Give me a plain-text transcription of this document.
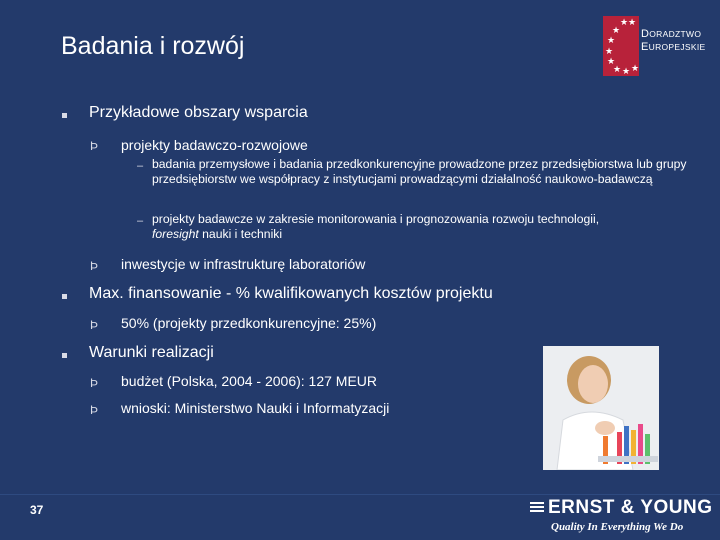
Badania i rozwój
★ ★
★
★
★
★
★ ★ ★
DORADZTWO
EUROPEJSKIE
Przykładowe obszary wsparcia
Þ projekty badawczo-rozwojowe
– badania przemysłowe i badania przedkonkurencyjne prowadzone przez przedsiębiorstwa lub grupy przedsiębiorstw we współpracy z instytucjami prowadzącymi działalność naukowo-badawczą
– projekty badawcze w zakresie monitorowania i prognozowania rozwoju technologii,
foresight nauki i techniki
Þ inwestycje w infrastrukturę laboratoriów
Max. finansowanie - % kwalifikowanych kosztów projektu
Þ 50% (projekty przedkonkurencyjne: 25%)
Warunki realizacji
Þ budżet (Polska, 2004 - 2006): 127 MEUR
Þ wnioski: Ministerstwo Nauki i Informatyzacji
37	ERNST & YOUNG
Quality In Everything We Do
